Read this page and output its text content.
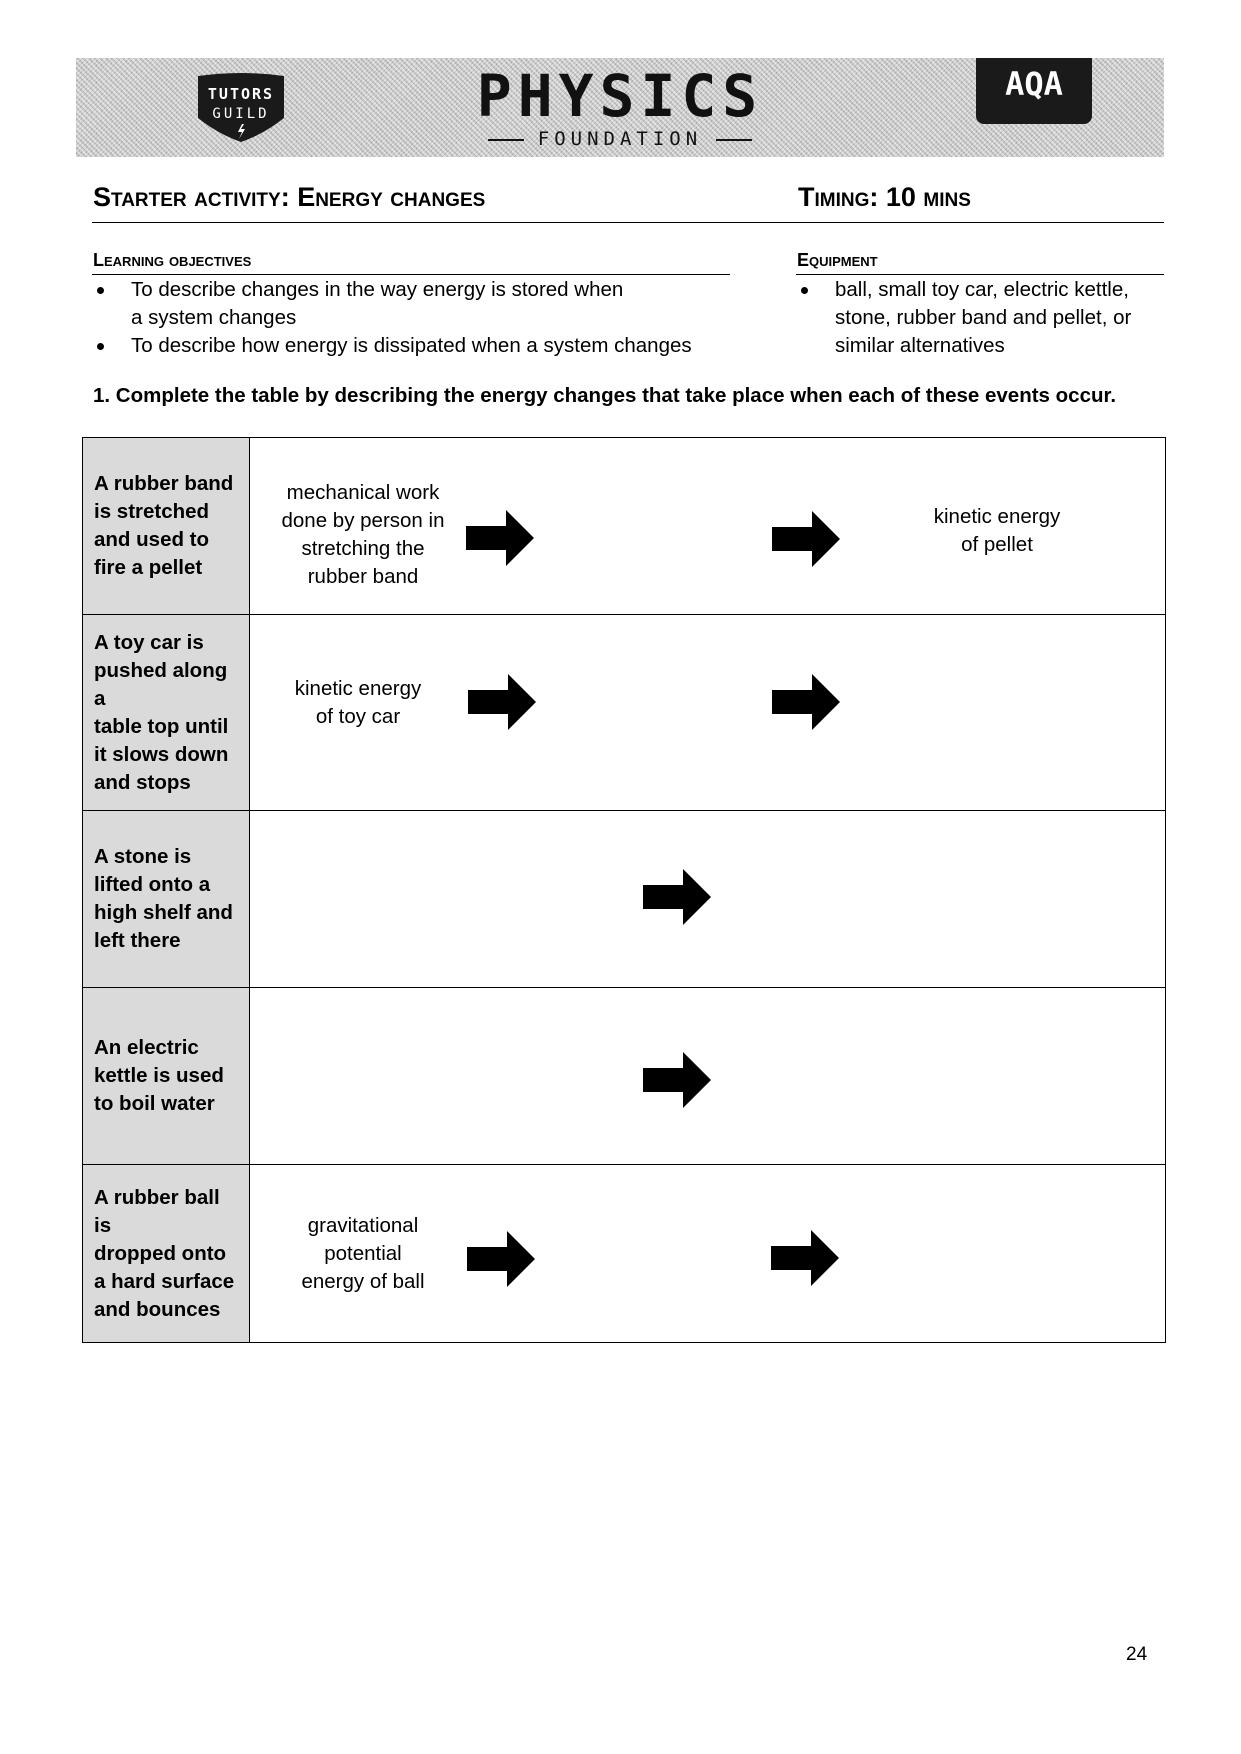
TUTORS
GUILD	PHYSICS
FOUNDATION
AQA
Starter activity: Energy changes	Timing: 10 mins
Learning objectives
To describe changes in the way energy is stored when
a system changes
To describe how energy is dissipated when a system changes
Equipment
ball, small toy car, electric kettle,
stone, rubber band and pellet, or
similar alternatives
1. Complete the table by describing the energy changes that take place when each of these events occur.
A rubber band
is stretched
and used to
fire a pellet
mechanical work
done by person in
stretching the
rubber band
kinetic energy
of pellet
A toy car is
pushed along a
table top until
it slows down
and stops
kinetic energy
of toy car
A stone is
lifted onto a
high shelf and
left there
An electric
kettle is used
to boil water
A rubber ball is
dropped onto
a hard surface
and bounces
gravitational
potential
energy of ball
24
